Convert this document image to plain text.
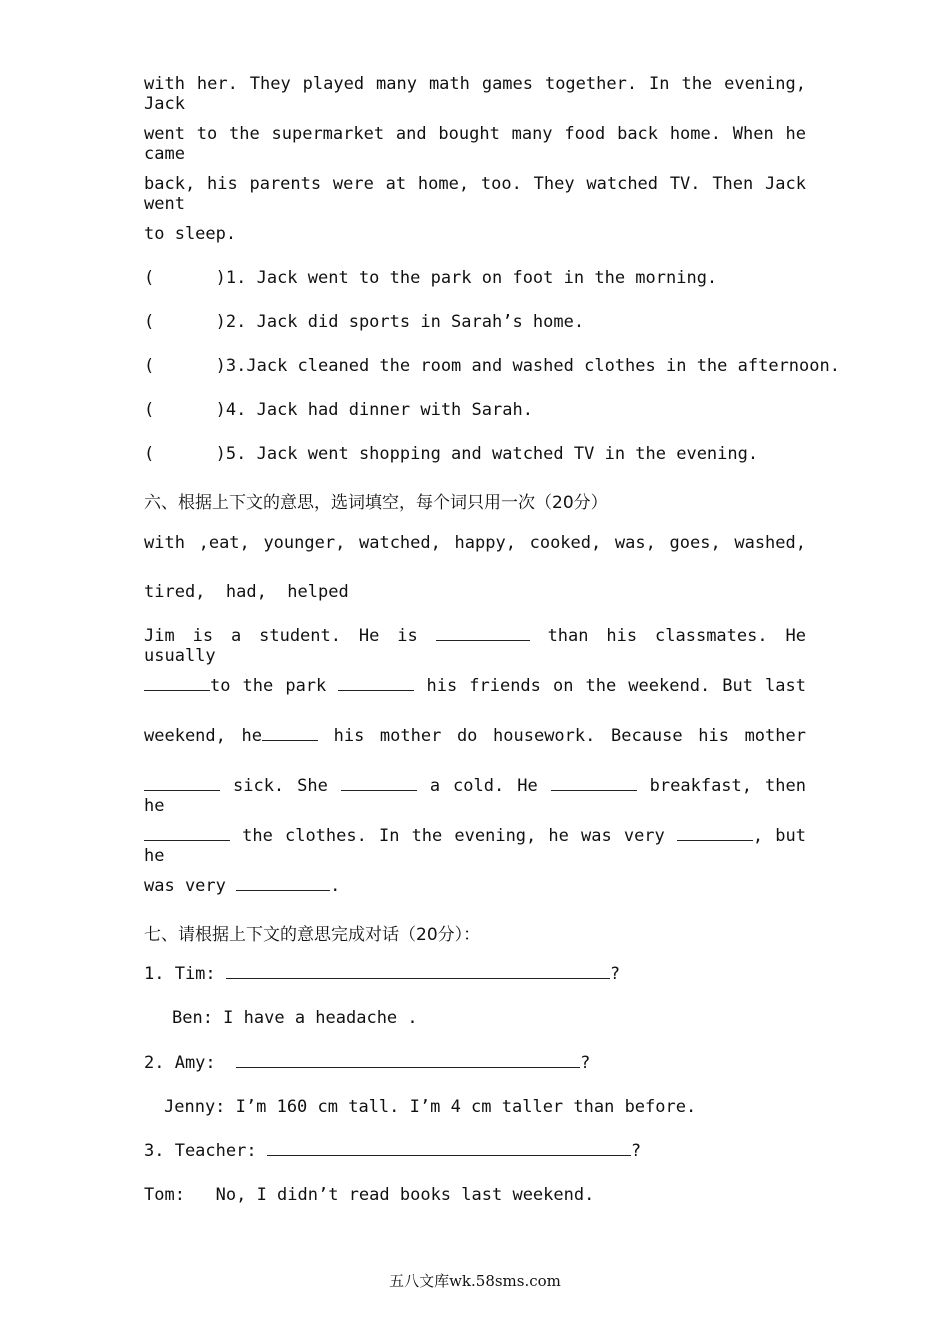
with her. They played many math games together. In the evening, Jack
went to the supermarket and bought many food back home. When he came
back, his parents were at home, too. They watched TV. Then Jack went
to sleep.
(      )1. Jack went to the park on foot in the morning.
(      )2. Jack did sports in Sarah’s home.
(      )3.Jack cleaned the room and washed clothes in the afternoon.
(      )4. Jack had dinner with Sarah.
(      )5. Jack went shopping and watched TV in the evening.
六、根据上下文的意思，选词填空，每个词只用一次（20分）
with ,eat, younger, watched, happy, cooked, was, goes, washed,
tired,  had,  helped
Jim is a student. He is	than his classmates. He usually
to the park	his friends on the weekend. But last
weekend, he	his mother do housework. Because his mother
sick. She	a cold. He	breakfast, then he
the clothes. In the evening, he was very	, but he
was very	.
七、请根据上下文的意思完成对话（20分）：
1. Tim:	?
Ben: I have a headache .
2. Amy:	?
Jenny: I’m 160 cm tall. I’m 4 cm taller than before.
3. Teacher:	?
Tom:   No, I didn’t read books last weekend.
五八文库wk.58sms.com
